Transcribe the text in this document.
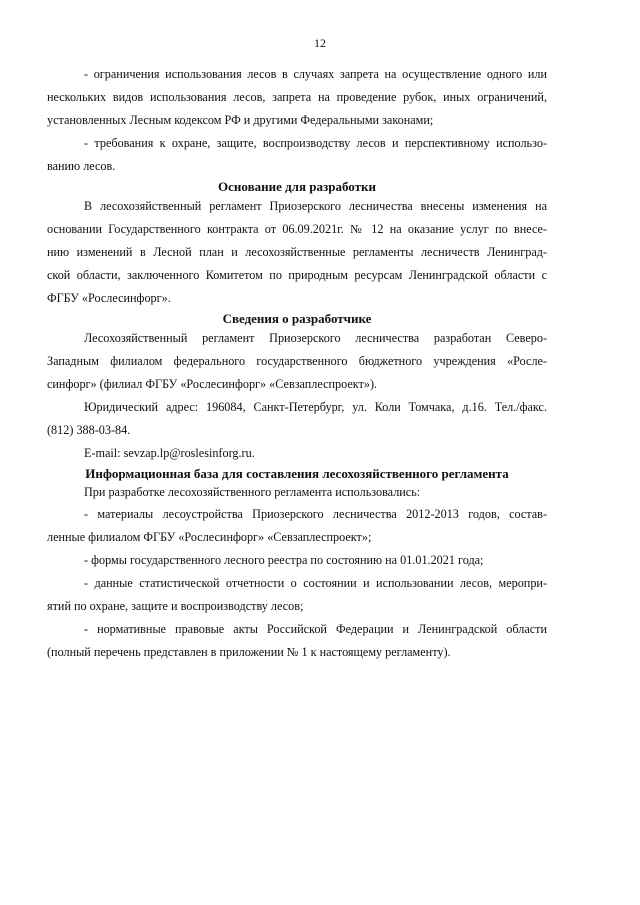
12
- ограничения использования лесов в случаях запрета на осуществление одного или
нескольких видов использования лесов, запрета на проведение рубок, иных ограничений,
установленных Лесным кодексом РФ и другими Федеральными законами;
- требования к охране, защите, воспроизводству лесов и перспективному использо-
ванию лесов.
Основание для разработки
В лесохозяйственный регламент Приозерского лесничества внесены изменения на
основании Государственного контракта от 06.09.2021г. № 12 на оказание услуг по внесе-
нию изменений в Лесной план и лесохозяйственные регламенты лесничеств Ленинград-
ской области, заключенного Комитетом по природным ресурсам Ленинградской области с
ФГБУ «Рослесинфорг».
Сведения о разработчике
Лесохозяйственный регламент Приозерского лесничества разработан Северо-
Западным филиалом федерального государственного бюджетного учреждения «Росле-
синфорг» (филиал ФГБУ «Рослесинфорг» «Севзаплеспроект»).
Юридический адрес: 196084, Санкт-Петербург, ул. Коли Томчака, д.16. Тел./факс.
(812) 388-03-84.
E-mail: sevzap.lp@roslesinforg.ru.
Информационная база для составления лесохозяйственного регламента
При разработке лесохозяйственного регламента использовались:
- материалы лесоустройства Приозерского лесничества 2012-2013 годов, состав-
ленные филиалом ФГБУ «Рослесинфорг» «Севзаплеспроект»;
- формы государственного лесного реестра по состоянию на 01.01.2021 года;
- данные статистической отчетности о состоянии и использовании лесов, меропри-
ятий по охране, защите и воспроизводству лесов;
- нормативные правовые акты Российской Федерации и Ленинградской области
(полный перечень представлен в приложении № 1 к настоящему регламенту).
